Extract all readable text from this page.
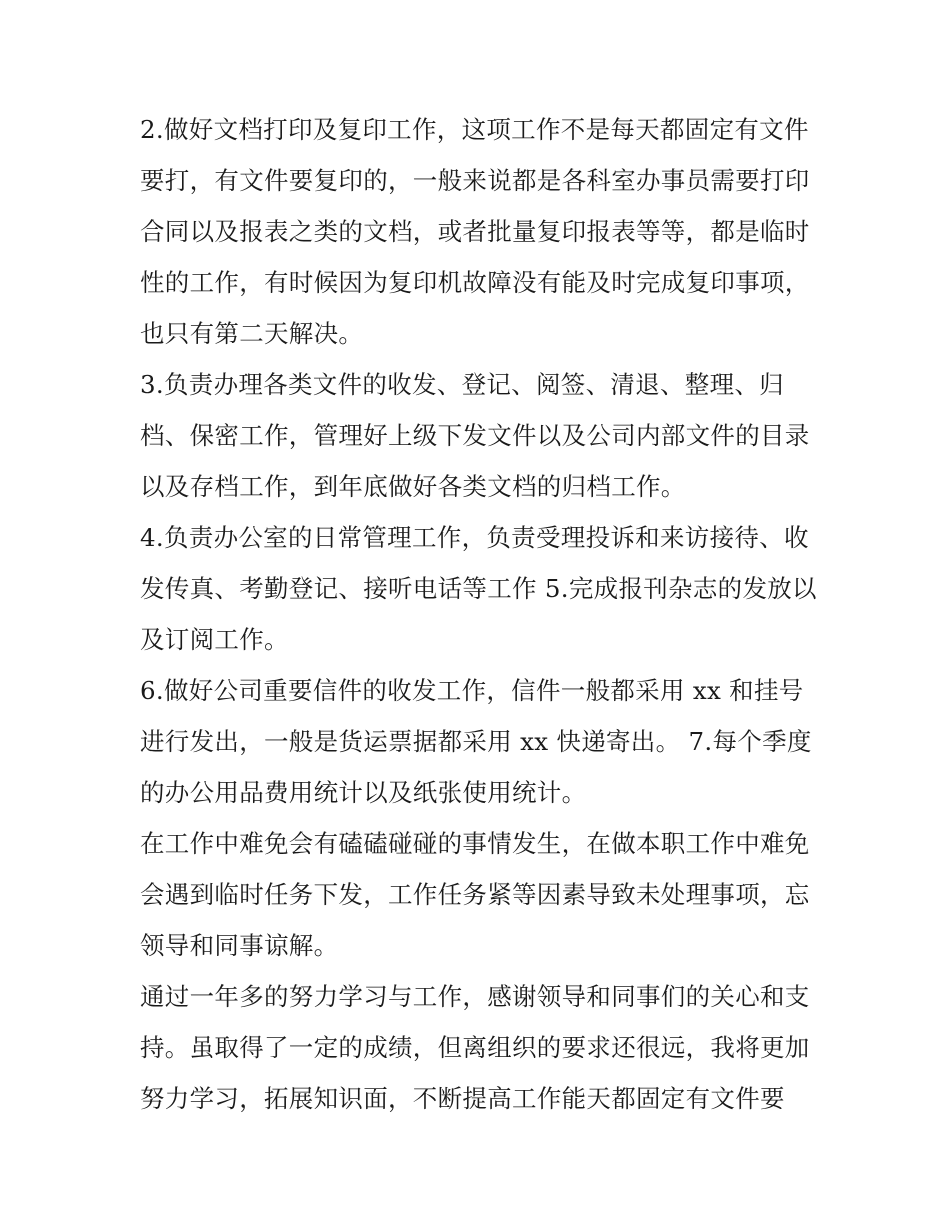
2.做好文档打印及复印工作，这项工作不是每天都固定有文件要打，有文件要复印的，一般来说都是各科室办事员需要打印合同以及报表之类的文档，或者批量复印报表等等，都是临时性的工作，有时候因为复印机故障没有能及时完成复印事项，也只有第二天解决。

3.负责办理各类文件的收发、登记、阅签、清退、整理、归档、保密工作，管理好上级下发文件以及公司内部文件的目录以及存档工作，到年底做好各类文档的归档工作。

4.负责办公室的日常管理工作，负责受理投诉和来访接待、收发传真、考勤登记、接听电话等工作 5.完成报刊杂志的发放以及订阅工作。

6.做好公司重要信件的收发工作，信件一般都采用 xx 和挂号进行发出，一般是货运票据都采用 xx 快递寄出。 7.每个季度的办公用品费用统计以及纸张使用统计。

在工作中难免会有磕磕碰碰的事情发生，在做本职工作中难免会遇到临时任务下发，工作任务紧等因素导致未处理事项，忘领导和同事谅解。

通过一年多的努力学习与工作，感谢领导和同事们的关心和支持。虽取得了一定的成绩，但离组织的要求还很远，我将更加努力学习，拓展知识面，不断提高工作能天都固定有文件要
